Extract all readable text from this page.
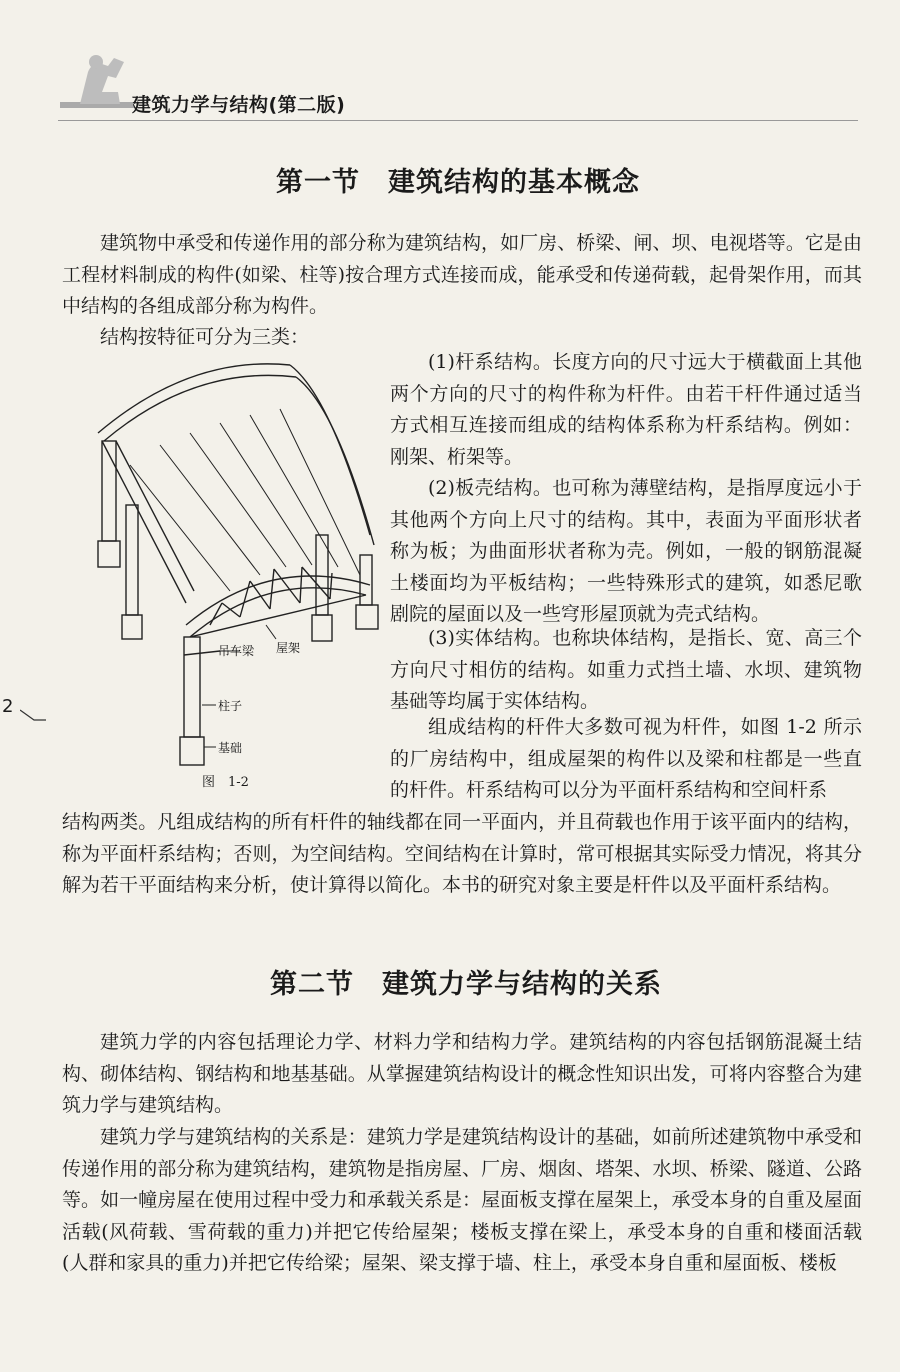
建筑力学与结构(第二版)
第一节　建筑结构的基本概念

建筑物中承受和传递作用的部分称为建筑结构，如厂房、桥梁、闸、坝、电视塔等。它是由工程材料制成的构件(如梁、柱等)按合理方式连接而成，能承受和传递荷载，起骨架作用，而其中结构的各组成部分称为构件。

结构按特征可分为三类：

(1)杆系结构。长度方向的尺寸远大于横截面上其他两个方向的尺寸的构件称为杆件。由若干杆件通过适当方式相互连接而组成的结构体系称为杆系结构。例如：刚架、桁架等。

(2)板壳结构。也可称为薄壁结构，是指厚度远小于其他两个方向上尺寸的结构。其中，表面为平面形状者称为板；为曲面形状者称为壳。例如，一般的钢筋混凝土楼面均为平板结构；一些特殊形式的建筑，如悉尼歌剧院的屋面以及一些穹形屋顶就为壳式结构。

(3)实体结构。也称块体结构，是指长、宽、高三个方向尺寸相仿的结构。如重力式挡土墙、水坝、建筑物基础等均属于实体结构。

组成结构的杆件大多数可视为杆件，如图 1-2 所示的厂房结构中，组成屋架的构件以及梁和柱都是一些直的杆件。杆系结构可以分为平面杆系结构和空间杆系

结构两类。凡组成结构的所有杆件的轴线都在同一平面内，并且荷载也作用于该平面内的结构，称为平面杆系结构；否则，为空间结构。空间结构在计算时，常可根据其实际受力情况，将其分解为若干平面结构来分析，使计算得以简化。本书的研究对象主要是杆件以及平面杆系结构。

吊车梁 屋架
柱子
基础
图　1-2
2
第二节　建筑力学与结构的关系

建筑力学的内容包括理论力学、材料力学和结构力学。建筑结构的内容包括钢筋混凝土结构、砌体结构、钢结构和地基基础。从掌握建筑结构设计的概念性知识出发，可将内容整合为建筑力学与建筑结构。

建筑力学与建筑结构的关系是：建筑力学是建筑结构设计的基础，如前所述建筑物中承受和传递作用的部分称为建筑结构，建筑物是指房屋、厂房、烟囱、塔架、水坝、桥梁、隧道、公路等。如一幢房屋在使用过程中受力和承载关系是：屋面板支撑在屋架上，承受本身的自重及屋面活载(风荷载、雪荷载的重力)并把它传给屋架；楼板支撑在梁上，承受本身的自重和楼面活载(人群和家具的重力)并把它传给梁；屋架、梁支撑于墙、柱上，承受本身自重和屋面板、楼板
